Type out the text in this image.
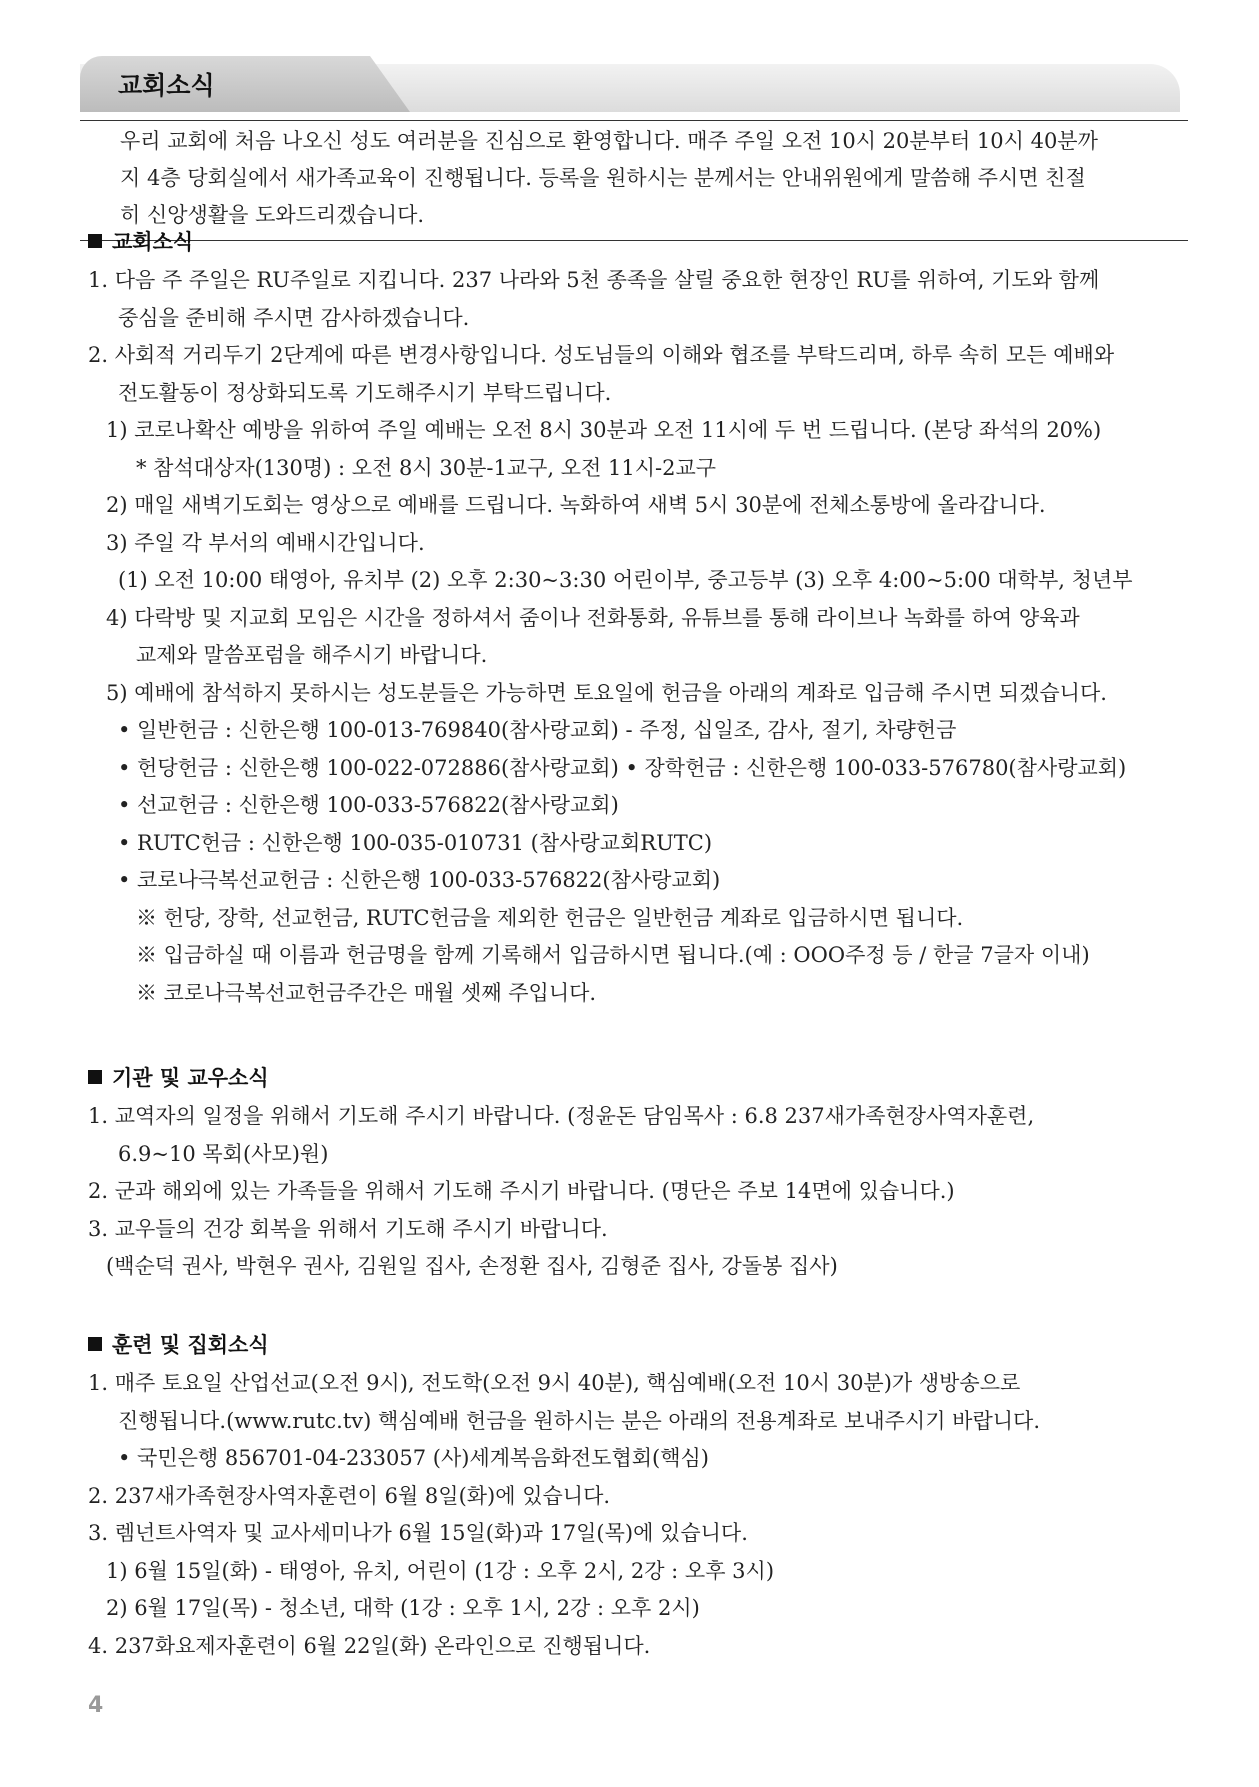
교회소식

우리 교회에 처음 나오신 성도 여러분을 진심으로 환영합니다. 매주 주일 오전 10시 20분부터 10시 40분까

지 4층 당회실에서 새가족교육이 진행됩니다. 등록을 원하시는 분께서는 안내위원에게 말씀해 주시면 친절

히 신앙생활을 도와드리겠습니다.

교회소식
1. 다음 주 주일은 RU주일로 지킵니다. 237 나라와 5천 종족을 살릴 중요한 현장인 RU를 위하여, 기도와 함께
중심을 준비해 주시면 감사하겠습니다.
2. 사회적 거리두기 2단계에 따른 변경사항입니다. 성도님들의 이해와 협조를 부탁드리며, 하루 속히 모든 예배와
전도활동이 정상화되도록 기도해주시기 부탁드립니다.
1) 코로나확산 예방을 위하여 주일 예배는 오전 8시 30분과 오전 11시에 두 번 드립니다. (본당 좌석의 20%)
* 참석대상자(130명) : 오전 8시 30분-1교구, 오전 11시-2교구
2) 매일 새벽기도회는 영상으로 예배를 드립니다. 녹화하여 새벽 5시 30분에 전체소통방에 올라갑니다.
3) 주일 각 부서의 예배시간입니다.
(1) 오전 10:00 태영아, 유치부 (2) 오후 2:30~3:30 어린이부, 중고등부 (3) 오후 4:00~5:00 대학부, 청년부
4) 다락방 및 지교회 모임은 시간을 정하셔서 줌이나 전화통화, 유튜브를 통해 라이브나 녹화를 하여 양육과
교제와 말씀포럼을 해주시기 바랍니다.
5) 예배에 참석하지 못하시는 성도분들은 가능하면 토요일에 헌금을 아래의 계좌로 입금해 주시면 되겠습니다.
• 일반헌금 : 신한은행 100-013-769840(참사랑교회) - 주정, 십일조, 감사, 절기, 차량헌금
• 헌당헌금 : 신한은행 100-022-072886(참사랑교회) • 장학헌금 : 신한은행 100-033-576780(참사랑교회)
• 선교헌금 : 신한은행 100-033-576822(참사랑교회)
• RUTC헌금 : 신한은행 100-035-010731 (참사랑교회RUTC)
• 코로나극복선교헌금 : 신한은행 100-033-576822(참사랑교회)
※ 헌당, 장학, 선교헌금, RUTC헌금을 제외한 헌금은 일반헌금 계좌로 입금하시면 됩니다.
※ 입금하실 때 이름과 헌금명을 함께 기록해서 입금하시면 됩니다.(예 : OOO주정 등 / 한글 7글자 이내)
※ 코로나극복선교헌금주간은 매월 셋째 주입니다.
기관 및 교우소식
1. 교역자의 일정을 위해서 기도해 주시기 바랍니다. (정윤돈 담임목사 : 6.8 237새가족현장사역자훈련,
6.9~10 목회(사모)원)
2. 군과 해외에 있는 가족들을 위해서 기도해 주시기 바랍니다. (명단은 주보 14면에 있습니다.)
3. 교우들의 건강 회복을 위해서 기도해 주시기 바랍니다.
(백순덕 권사, 박현우 권사, 김원일 집사, 손정환 집사, 김형준 집사, 강돌봉 집사)
훈련 및 집회소식
1. 매주 토요일 산업선교(오전 9시), 전도학(오전 9시 40분), 핵심예배(오전 10시 30분)가 생방송으로
진행됩니다.(www.rutc.tv) 핵심예배 헌금을 원하시는 분은 아래의 전용계좌로 보내주시기 바랍니다.
• 국민은행 856701-04-233057 (사)세계복음화전도협회(핵심)
2. 237새가족현장사역자훈련이 6월 8일(화)에 있습니다.
3. 렘넌트사역자 및 교사세미나가 6월 15일(화)과 17일(목)에 있습니다.
1) 6월 15일(화) - 태영아, 유치, 어린이 (1강 : 오후 2시, 2강 : 오후 3시)
2) 6월 17일(목) - 청소년, 대학 (1강 : 오후 1시, 2강 : 오후 2시)
4. 237화요제자훈련이 6월 22일(화) 온라인으로 진행됩니다.
4
